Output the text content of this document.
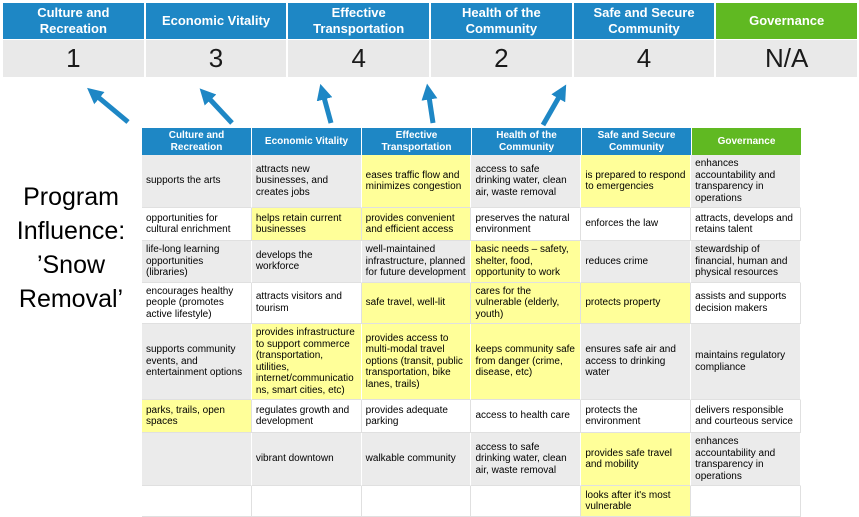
Culture and Recreation
1
Economic Vitality
3
Effective Transportation
4
Health of the Community
2
Safe and Secure Community
4
Governance
N/A
Program
Influence:
’Snow
Removal’
Culture and Recreation
Economic Vitality
Effective Transportation
Health of the Community
Safe and Secure Community
Governance
supports the arts
attracts new businesses, and creates jobs
eases traffic flow and minimizes congestion
access to safe drinking water, clean air, waste removal
is prepared to respond to emergencies
enhances accountability and transparency in operations
opportunities for cultural enrichment
helps retain current businesses
provides convenient and efficient access
preserves the natural environment
enforces the law
attracts, develops and retains talent
life-long learning opportunities (libraries)
develops the workforce
well-maintained infrastructure, planned for future development
basic needs – safety, shelter, food, opportunity to work
reduces crime
stewardship of financial, human and physical resources
encourages healthy people (promotes active lifestyle)
attracts visitors and tourism
safe travel, well-lit
cares for the vulnerable (elderly, youth)
protects property
assists and supports decision makers
supports community events, and entertainment options
provides infrastructure to support commerce (transportation, utilities, internet/communications, smart cities, etc)
provides access to multi-modal travel options (transit, public transportation, bike lanes, trails)
keeps community safe from danger (crime, disease, etc)
ensures safe air and access to drinking water
maintains regulatory compliance
parks, trails, open spaces
regulates growth and development
provides adequate parking
access to health care
protects the environment
delivers responsible and courteous service
vibrant downtown	walkable community
access to safe drinking water, clean air, waste removal
provides safe travel and mobility
enhances accountability and transparency in operations
looks after it's most vulnerable
